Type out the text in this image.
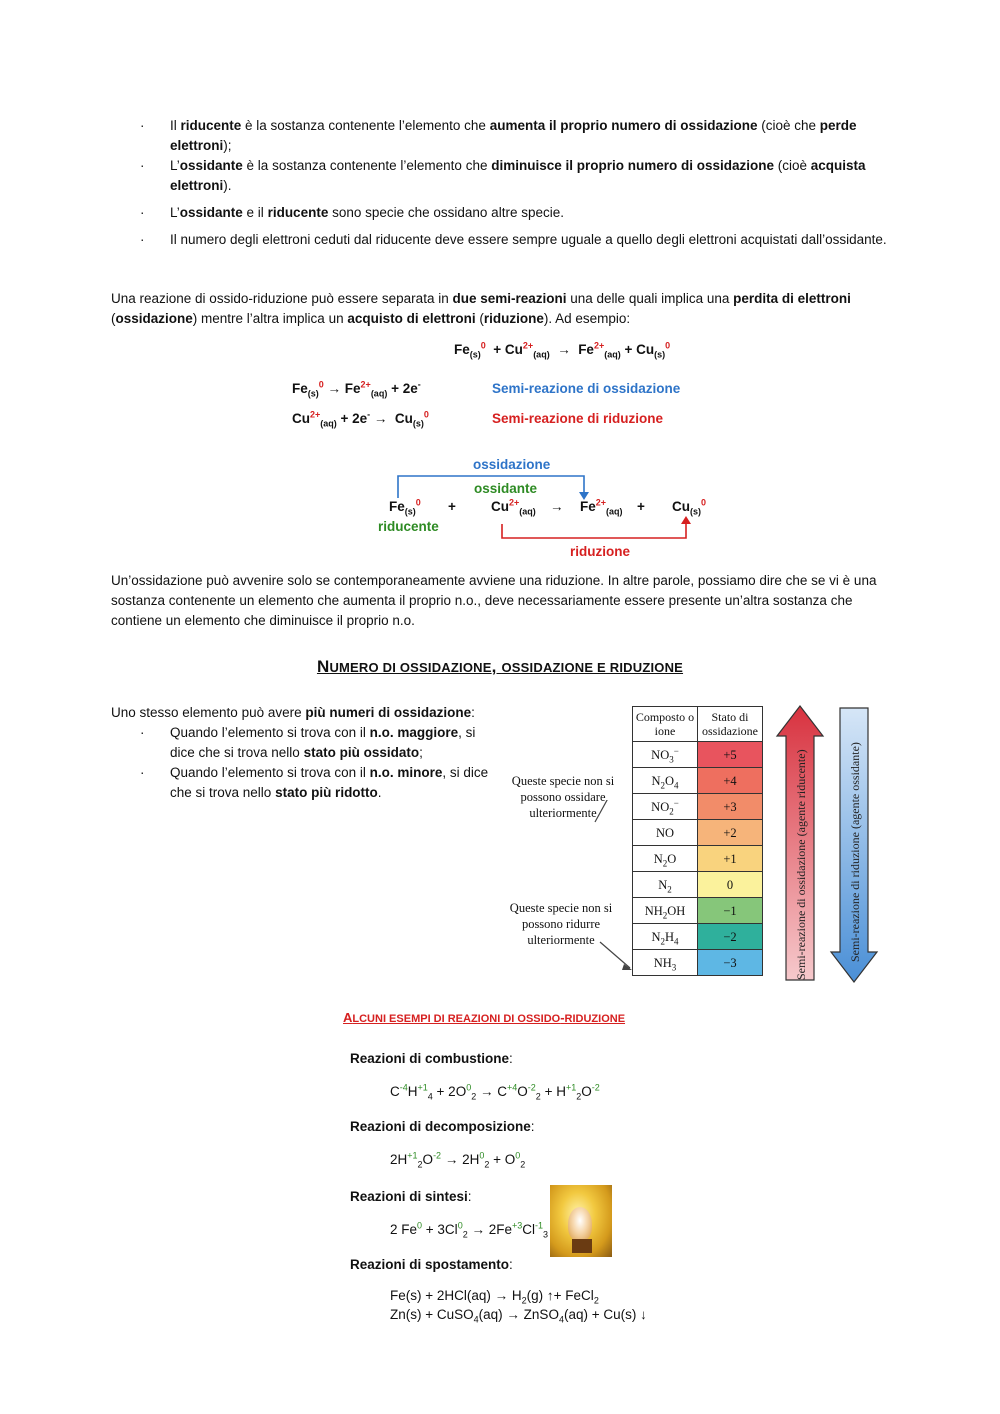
· Il riducente è la sostanza contenente l’elemento che aumenta il proprio numero di ossidazione (cioè che perde elettroni);
· L’ossidante è la sostanza contenente l’elemento che diminuisce il proprio numero di ossidazione (cioè acquista elettroni).
· L’ossidante e il riducente sono specie che ossidano altre specie.
· Il numero degli elettroni ceduti dal riducente deve essere sempre uguale a quello degli elettroni acquistati dall’ossidante.
Una reazione di ossido-riduzione può essere separata in due semi-reazioni una delle quali implica una perdita di elettroni (ossidazione) mentre l’altra implica un acquisto di elettroni (riduzione). Ad esempio:
$Fe_{(s)}^0 + Cu^{2+}_{(aq)} \to Fe^{2+}_{(aq)} + Cu_{(s)}^0$
$Fe_{(s)}^0 \to Fe^{2+}_{(aq)} + 2e^-$	Semi-reazione di ossidazione
$Cu^{2+}_{(aq)} + 2e^- \to Cu_{(s)}^0$	Semi-reazione di riduzione
ossidazione
ossidante
$Fe_{(s)}^0$ +	$Cu^{2+}_{(aq)} \to Fe^{2+}_{(aq)} + Cu_{(s)}^0$
riducente
riduzione
Un’ossidazione può avvenire solo se contemporaneamente avviene una riduzione. In altre parole, possiamo dire che se vi è una sostanza contenente un elemento che aumenta il proprio n.o., deve necessariamente essere presente un’altra sostanza che contiene un elemento che diminuisce il proprio n.o.
NUMERO DI OSSIDAZIONE, OSSIDAZIONE E RIDUZIONE
Uno stesso elemento può avere più numeri di ossidazione:
· Quando l’elemento si trova con il n.o. maggiore, si dice che si trova nello stato più ossidato;
· Quando l’elemento si trova con il n.o. minore, si dice che si trova nello stato più ridotto.
Queste specie non si possono ossidare ulteriormente
Queste specie non si possono ridurre ulteriormente
Composto o ione	Stato di ossidazione
$NO_3^-$	+5
$N_2O_4$	+4
$NO_2^-$	+3
NO	+2
$N_2O$	+1
$N_2$	0
$NH_2OH$	−1
$N_2H_4$	−2
$NH_3$	−3	Semi-reazione di ossidazione (agente riducente)	Semi-reazione di riduzione (agente ossidante)
ALCUNI ESEMPI DI REAZIONI DI OSSIDO-RIDUZIONE
Reazioni di combustione:
$C^{-4}H^{+1}_4 + 2O^0_2 \to C^{+4}O^{-2}_2 + H^{+1}_2O^{-2}$
Reazioni di decomposizione:
$2H^{+1}_2O^{-2} \to 2H^0_2 + O^0_2$
Reazioni di sintesi:
2 $Fe^0 + 3Cl^0_2 \to 2Fe^{+3}Cl^{-1}_3$
Reazioni di spostamento:
$Fe(s) + 2HCl(aq) \to H_2(g)$ ↑+ FeCl$_2$
Zn(s) + CuSO$_4$(aq) → ZnSO$_4$(aq) + Cu(s) ↓
